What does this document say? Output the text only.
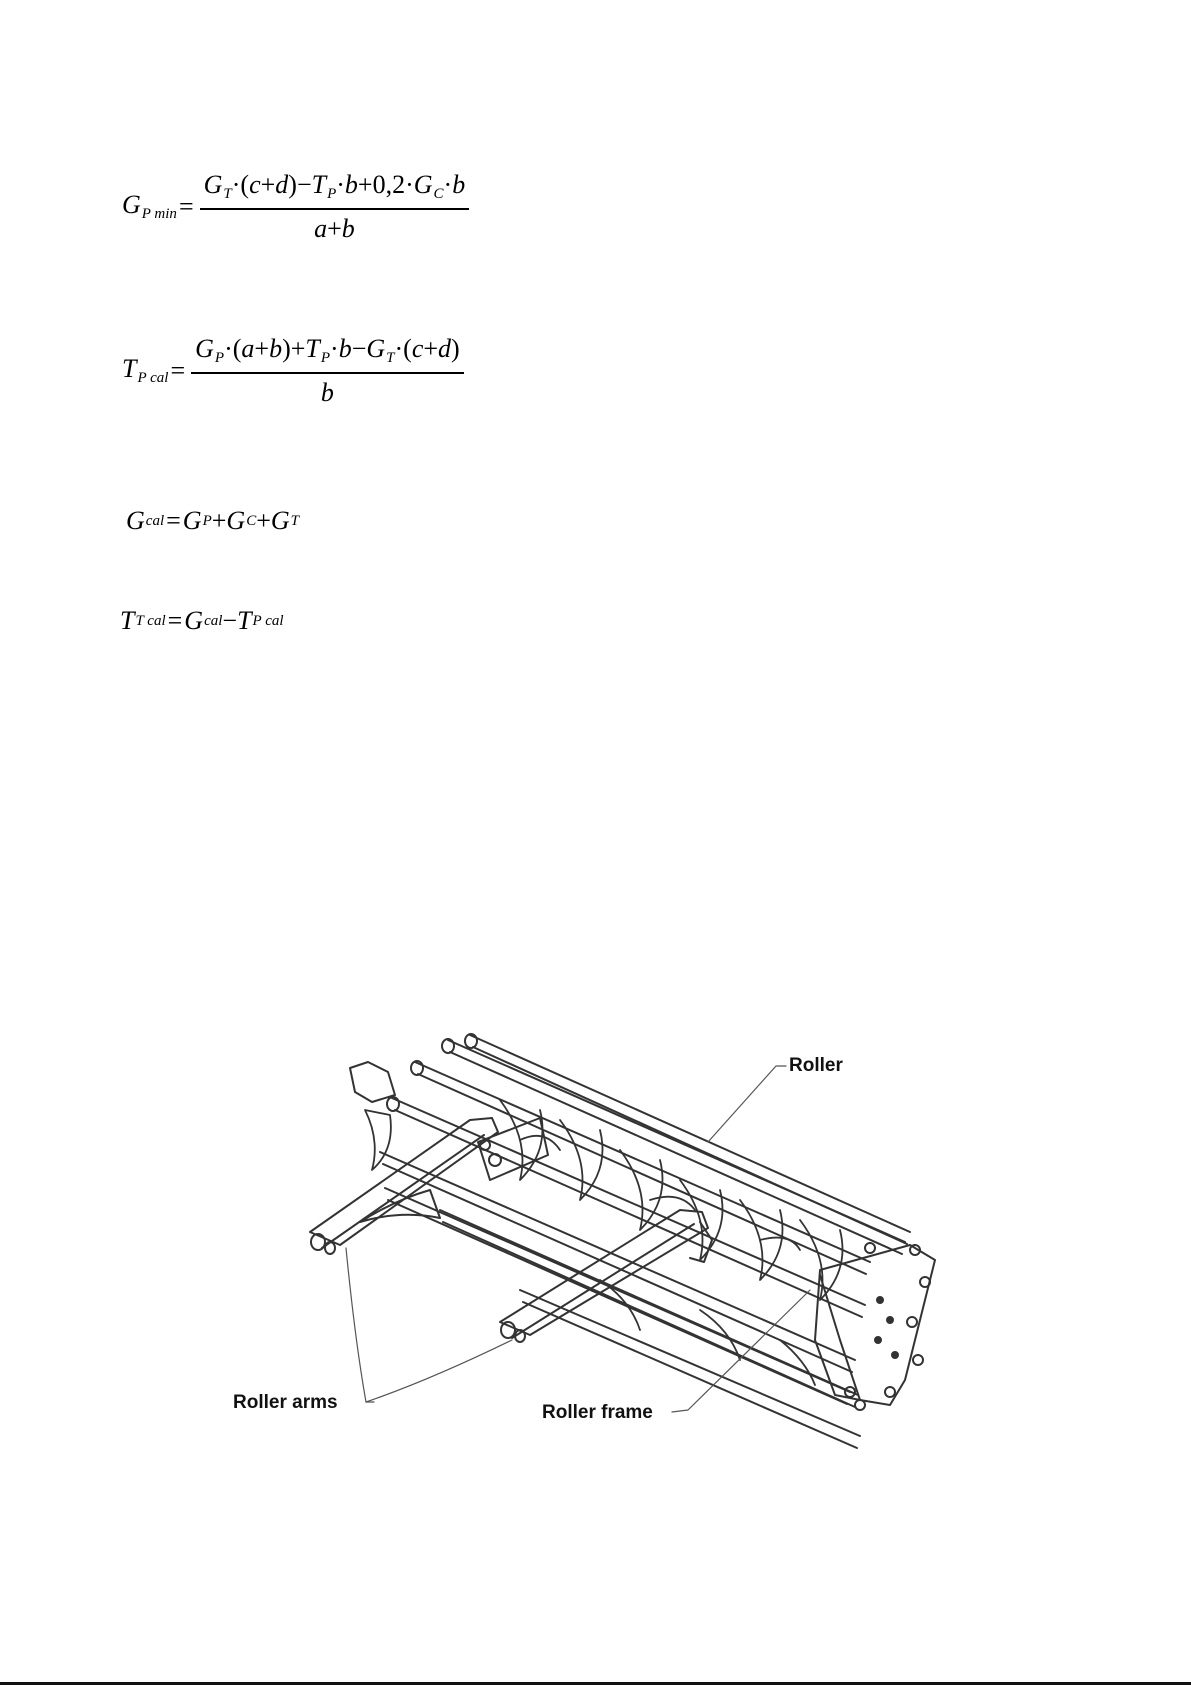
$G_{P min} = \frac{G_T\cdot(c+d)-T_P\cdot b+0,2\cdot G_C\cdot b}{a+b}$
$T_{P cal} = \frac{G_P\cdot(a+b)+T_P\cdot b-G_T\cdot(c+d)}{b}$
G cal = G P + G C + G T
T T cal = G cal − T P cal
Roller
Roller arms	Roller frame
